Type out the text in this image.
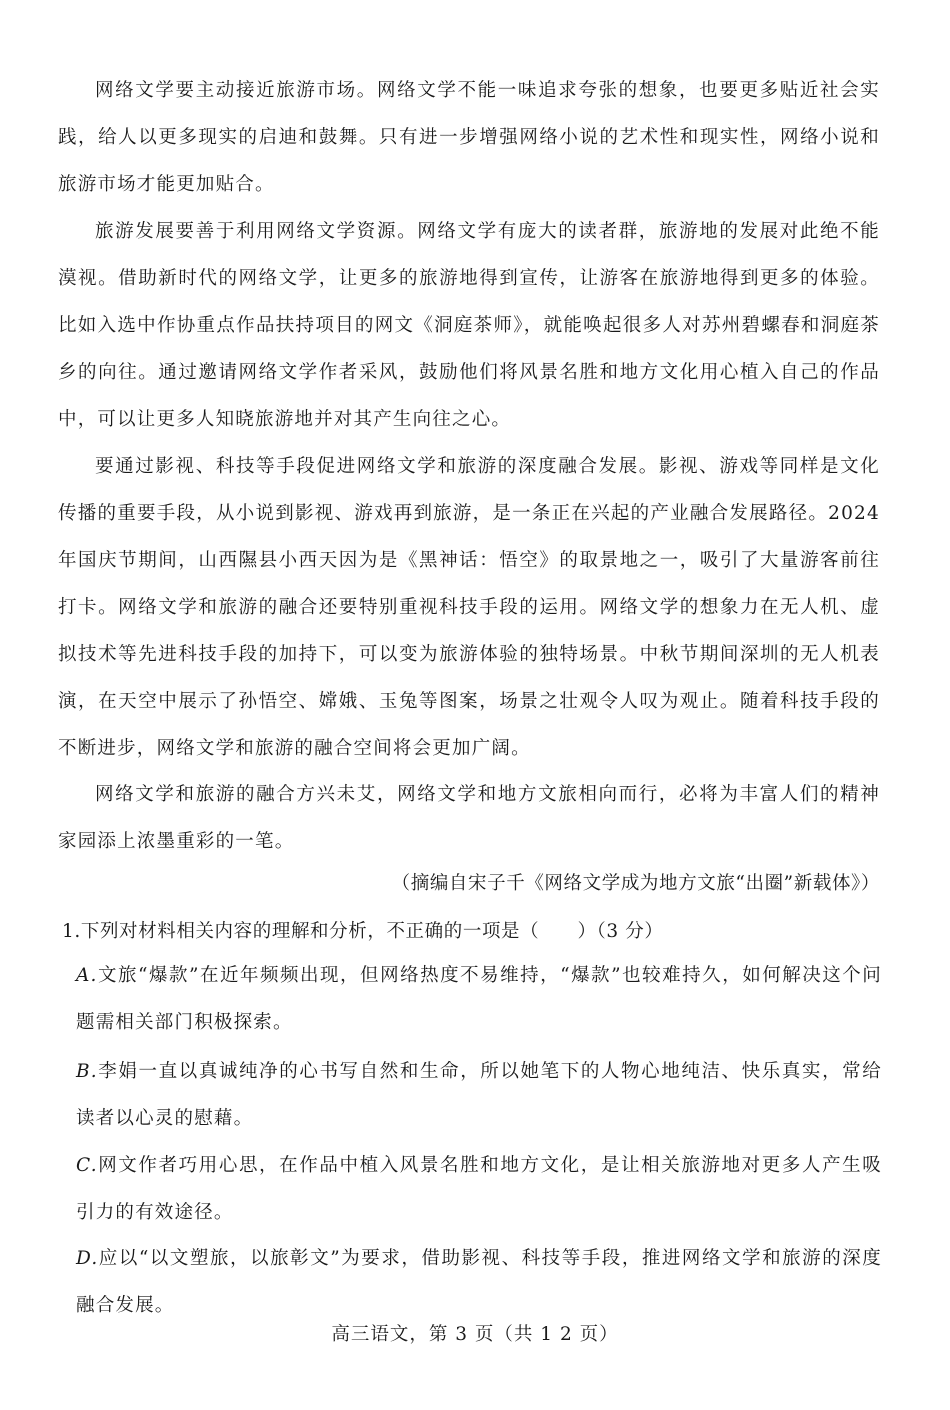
网络文学要主动接近旅游市场。网络文学不能一味追求夸张的想象，也要更多贴近社会实践，给人以更多现实的启迪和鼓舞。只有进一步增强网络小说的艺术性和现实性，网络小说和旅游市场才能更加贴合。

旅游发展要善于利用网络文学资源。网络文学有庞大的读者群，旅游地的发展对此绝不能漠视。借助新时代的网络文学，让更多的旅游地得到宣传，让游客在旅游地得到更多的体验。比如入选中作协重点作品扶持项目的网文《洞庭茶师》，就能唤起很多人对苏州碧螺春和洞庭茶乡的向往。通过邀请网络文学作者采风，鼓励他们将风景名胜和地方文化用心植入自己的作品中，可以让更多人知晓旅游地并对其产生向往之心。

要通过影视、科技等手段促进网络文学和旅游的深度融合发展。影视、游戏等同样是文化传播的重要手段，从小说到影视、游戏再到旅游，是一条正在兴起的产业融合发展路径。2024 年国庆节期间，山西隰县小西天因为是《黑神话：悟空》的取景地之一，吸引了大量游客前往打卡。网络文学和旅游的融合还要特别重视科技手段的运用。网络文学的想象力在无人机、虚拟技术等先进科技手段的加持下，可以变为旅游体验的独特场景。中秋节期间深圳的无人机表演，在天空中展示了孙悟空、嫦娥、玉兔等图案，场景之壮观令人叹为观止。随着科技手段的不断进步，网络文学和旅游的融合空间将会更加广阔。

网络文学和旅游的融合方兴未艾，网络文学和地方文旅相向而行，必将为丰富人们的精神家园添上浓墨重彩的一笔。

（摘编自宋子千《网络文学成为地方文旅“出圈”新载体》）

1.下列对材料相关内容的理解和分析，不正确的一项是（　　）（3 分）

A.文旅“爆款”在近年频频出现，但网络热度不易维持，“爆款”也较难持久，如何解决这个问题需相关部门积极探索。
B.李娟一直以真诚纯净的心书写自然和生命，所以她笔下的人物心地纯洁、快乐真实，常给读者以心灵的慰藉。
C.网文作者巧用心思，在作品中植入风景名胜和地方文化，是让相关旅游地对更多人产生吸引力的有效途径。
D.应以“以文塑旅，以旅彰文”为要求，借助影视、科技等手段，推进网络文学和旅游的深度融合发展。

高三语文，第 3 页（共 1 2 页）
